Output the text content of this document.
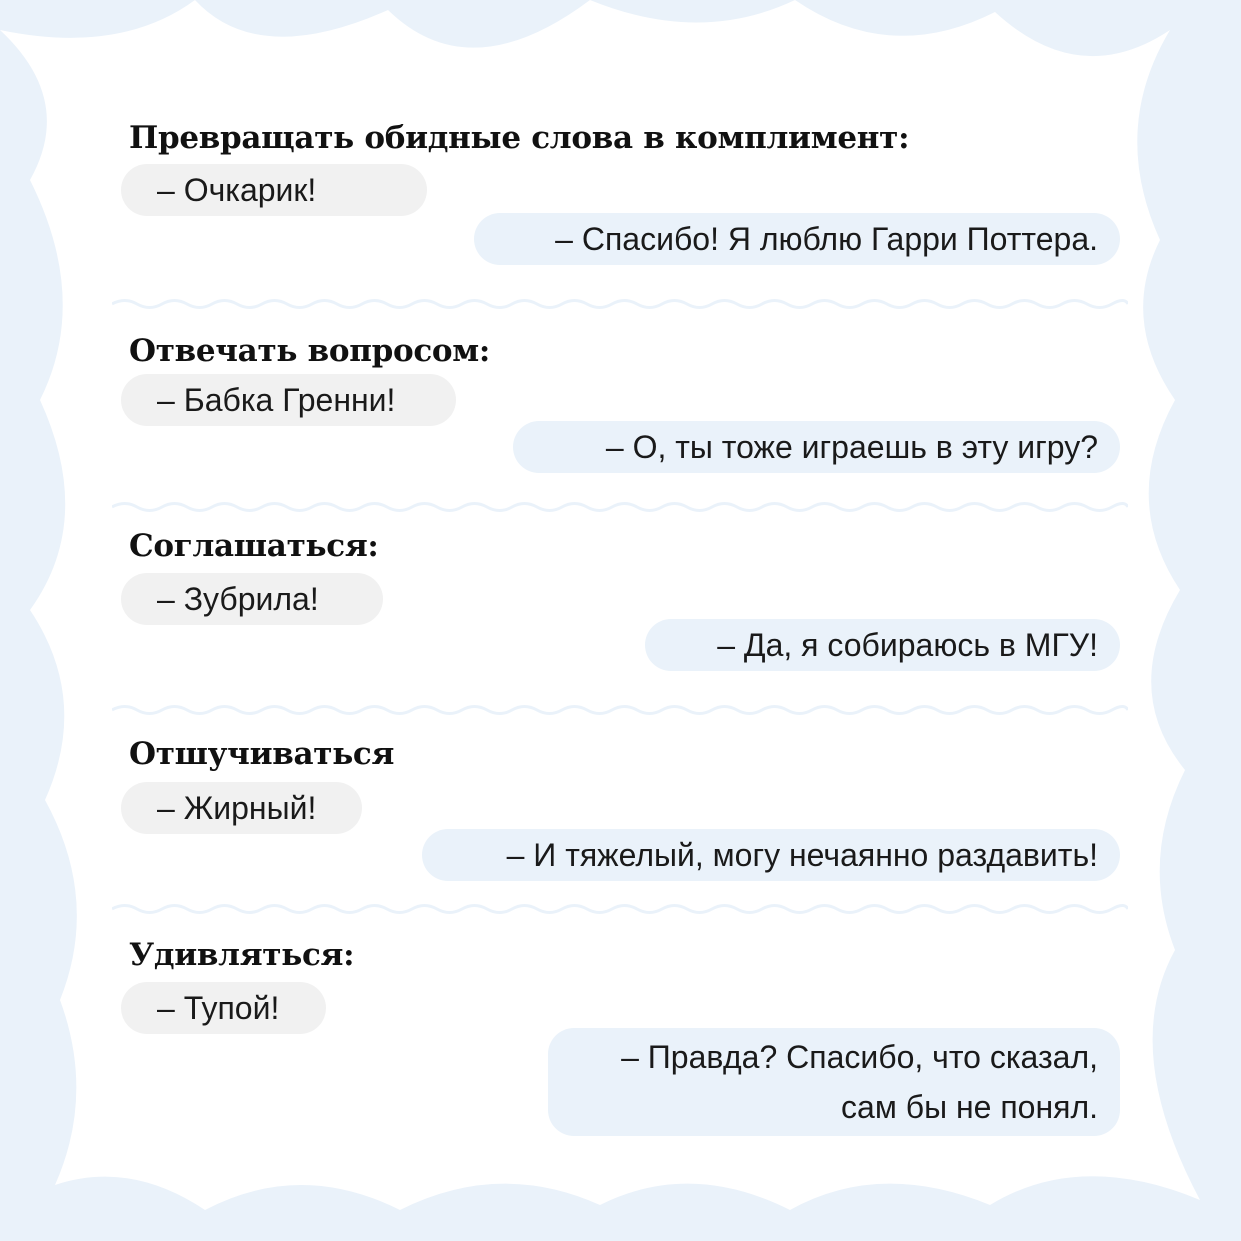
Превращать обидные слова в комплимент:
– Очкарик!
– Спасибо! Я люблю Гарри Поттера.
Отвечать вопросом:
– Бабка Гренни!
– О, ты тоже играешь в эту игру?
Соглашаться:
– Зубрила!
– Да, я собираюсь в МГУ!
Отшучиваться
– Жирный!
– И тяжелый, могу нечаянно раздавить!
Удивляться:
– Тупой!
– Правда? Спасибо, что сказал,
сам бы не понял.
